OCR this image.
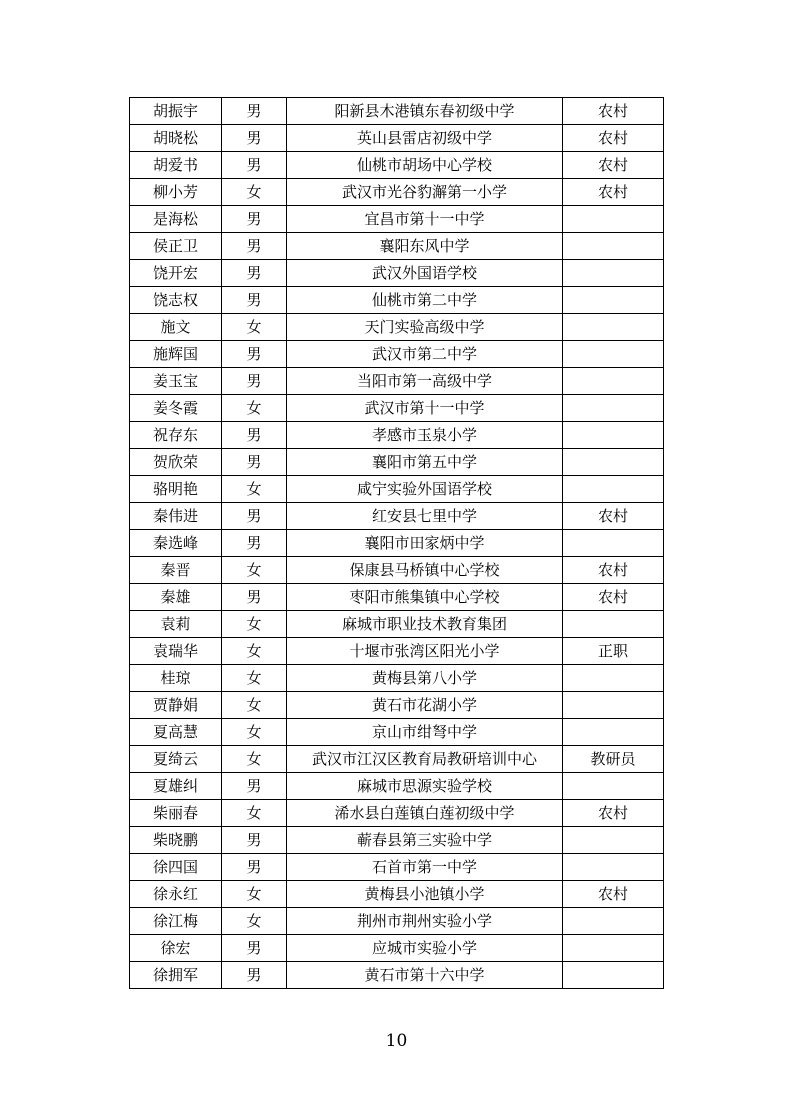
胡振宇	男	阳新县木港镇东春初级中学	农村
胡晓松	男	英山县雷店初级中学	农村
胡爱书	男	仙桃市胡场中心学校	农村
柳小芳	女	武汉市光谷豹澥第一小学	农村
是海松	男	宜昌市第十一中学	
侯正卫	男	襄阳东风中学	
饶开宏	男	武汉外国语学校	
饶志权	男	仙桃市第二中学	
施文	女	天门实验高级中学	
施辉国	男	武汉市第二中学	
姜玉宝	男	当阳市第一高级中学	
姜冬霞	女	武汉市第十一中学	
祝存东	男	孝感市玉泉小学	
贺欣荣	男	襄阳市第五中学	
骆明艳	女	咸宁实验外国语学校	
秦伟进	男	红安县七里中学	农村
秦选峰	男	襄阳市田家炳中学	
秦晋	女	保康县马桥镇中心学校	农村
秦雄	男	枣阳市熊集镇中心学校	农村
袁莉	女	麻城市职业技术教育集团	
袁瑞华	女	十堰市张湾区阳光小学	正职
桂琼	女	黄梅县第八小学	
贾静娟	女	黄石市花湖小学	
夏高慧	女	京山市绀弩中学	
夏绮云	女	武汉市江汉区教育局教研培训中心	教研员
夏雄纠	男	麻城市思源实验学校	
柴丽春	女	浠水县白莲镇白莲初级中学	农村
柴晓鹏	男	蕲春县第三实验中学	
徐四国	男	石首市第一中学	
徐永红	女	黄梅县小池镇小学	农村
徐江梅	女	荆州市荆州实验小学	
徐宏	男	应城市实验小学	
徐拥军	男	黄石市第十六中学	
10
